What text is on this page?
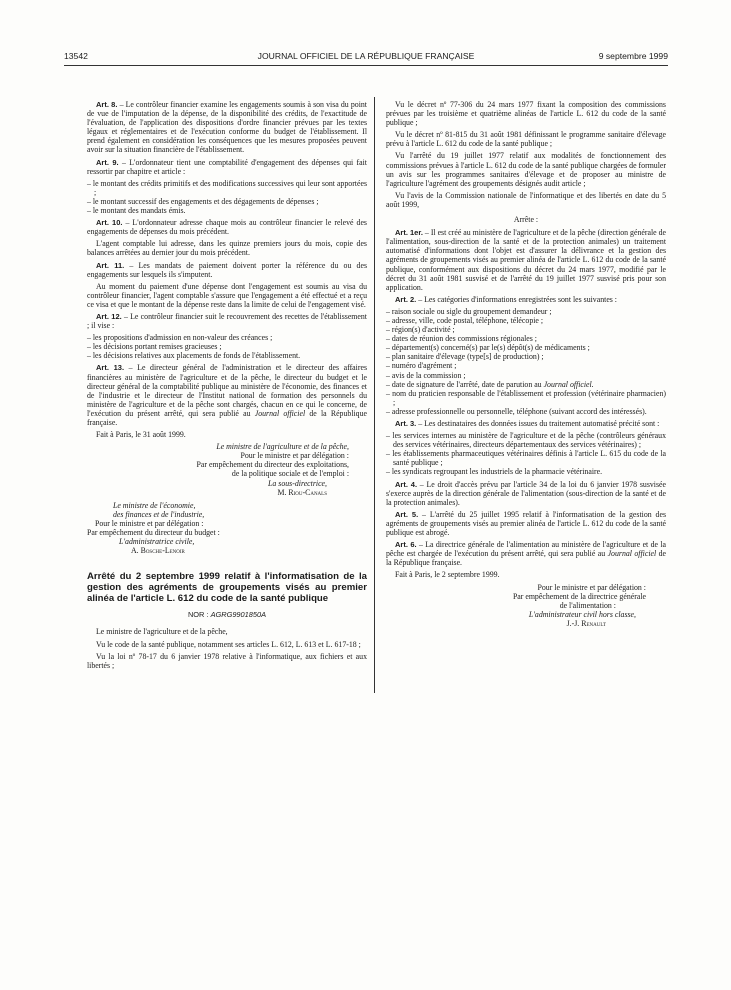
13542	JOURNAL OFFICIEL DE LA RÉPUBLIQUE FRANÇAISE	9 septembre 1999

Art. 8. – Le contrôleur financier examine les engagements soumis à son visa du point de vue de l'imputation de la dépense, de la disponibilité des crédits, de l'exactitude de l'évaluation, de l'application des dispositions d'ordre financier prévues par les textes légaux et réglementaires et de l'exécution conforme du budget de l'établissement. Il prend également en considération les conséquences que les mesures proposées peuvent avoir sur la situation financière de l'établissement.

Art. 9. – L'ordonnateur tient une comptabilité d'engagement des dépenses qui fait ressortir par chapitre et article :

– le montant des crédits primitifs et des modifications successives qui leur sont apportées ;
– le montant successif des engagements et des dégagements de dépenses ;
– le montant des mandats émis.

Art. 10. – L'ordonnateur adresse chaque mois au contrôleur financier le relevé des engagements de dépenses du mois précédent.

L'agent comptable lui adresse, dans les quinze premiers jours du mois, copie des balances arrêtées au dernier jour du mois précédent.

Art. 11. – Les mandats de paiement doivent porter la référence du ou des engagements sur lesquels ils s'imputent.

Au moment du paiement d'une dépense dont l'engagement est soumis au visa du contrôleur financier, l'agent comptable s'assure que l'engagement a été effectué et a reçu ce visa et que le montant de la dépense reste dans la limite de celui de l'engagement visé.

Art. 12. – Le contrôleur financier suit le recouvrement des recettes de l'établissement ; il vise :

– les propositions d'admission en non-valeur des créances ;
– les décisions portant remises gracieuses ;
– les décisions relatives aux placements de fonds de l'établissement.

Art. 13. – Le directeur général de l'administration et le directeur des affaires financières au ministère de l'agriculture et de la pêche, le directeur du budget et le directeur général de la comptabilité publique au ministère de l'économie, des finances et de l'industrie et le directeur de l'Institut national de formation des personnels du ministère de l'agriculture et de la pêche sont chargés, chacun en ce qui le concerne, de l'exécution du présent arrêté, qui sera publié au Journal officiel de la République française.

Fait à Paris, le 31 août 1999.

Le ministre de l'agriculture et de la pêche,
Pour le ministre et par délégation :
Par empêchement du directeur des exploitations,
de la politique sociale et de l'emploi :
La sous-directrice,
M. Riou-Canals
Le ministre de l'économie,
des finances et de l'industrie,
Pour le ministre et par délégation :
Par empêchement du directeur du budget :
L'administratrice civile,
A. Bosche-Lenoir
Arrêté du 2 septembre 1999 relatif à l'informatisation de la gestion des agréments de groupements visés au premier alinéa de l'article L. 612 du code de la santé publique
NOR : AGRG9901850A

Le ministre de l'agriculture et de la pêche,

Vu le code de la santé publique, notamment ses articles L. 612, L. 613 et L. 617-18 ;

Vu la loi nº 78-17 du 6 janvier 1978 relative à l'informatique, aux fichiers et aux libertés ;

Vu le décret nº 77-306 du 24 mars 1977 fixant la composition des commissions prévues par les troisième et quatrième alinéas de l'article L. 612 du code de la santé publique ;

Vu le décret nº 81-815 du 31 août 1981 définissant le programme sanitaire d'élevage prévu à l'article L. 612 du code de la santé publique ;

Vu l'arrêté du 19 juillet 1977 relatif aux modalités de fonctionnement des commissions prévues à l'article L. 612 du code de la santé publique chargées de formuler un avis sur les programmes sanitaires d'élevage et de proposer au ministre de l'agriculture l'agrément des groupements désignés audit article ;

Vu l'avis de la Commission nationale de l'informatique et des libertés en date du 5 août 1999,

Arrête :

Art. 1er. – Il est créé au ministère de l'agriculture et de la pêche (direction générale de l'alimentation, sous-direction de la santé et de la protection animales) un traitement automatisé d'informations dont l'objet est d'assurer la délivrance et la gestion des agréments de groupements visés au premier alinéa de l'article L. 612 du code de la santé publique, conformément aux dispositions du décret du 24 mars 1977, modifié par le décret du 31 août 1981 susvisé et de l'arrêté du 19 juillet 1977 susvisé pris pour son application.

Art. 2. – Les catégories d'informations enregistrées sont les suivantes :

– raison sociale ou sigle du groupement demandeur ;
– adresse, ville, code postal, téléphone, télécopie ;
– région(s) d'activité ;
– dates de réunion des commissions régionales ;
– département(s) concerné(s) par le(s) dépôt(s) de médicaments ;
– plan sanitaire d'élevage (type[s] de production) ;
– numéro d'agrément ;
– avis de la commission ;
– date de signature de l'arrêté, date de parution au Journal officiel.
– nom du praticien responsable de l'établissement et profession (vétérinaire pharmacien) ;
– adresse professionnelle ou personnelle, téléphone (suivant accord des intéressés).

Art. 3. – Les destinataires des données issues du traitement automatisé précité sont :

– les services internes au ministère de l'agriculture et de la pêche (contrôleurs généraux des services vétérinaires, directeurs départementaux des services vétérinaires) ;
– les établissements pharmaceutiques vétérinaires définis à l'article L. 615 du code de la santé publique ;
– les syndicats regroupant les industriels de la pharmacie vétérinaire.

Art. 4. – Le droit d'accès prévu par l'article 34 de la loi du 6 janvier 1978 susvisée s'exerce auprès de la direction générale de l'alimentation (sous-direction de la santé et de la protection animales).

Art. 5. – L'arrêté du 25 juillet 1995 relatif à l'informatisation de la gestion des agréments de groupements visés au premier alinéa de l'article L. 612 du code de la santé publique est abrogé.

Art. 6. – La directrice générale de l'alimentation au ministère de l'agriculture et de la pêche est chargée de l'exécution du présent arrêté, qui sera publié au Journal officiel de la République française.

Fait à Paris, le 2 septembre 1999.

Pour le ministre et par délégation :
Par empêchement de la directrice générale
de l'alimentation :
L'administrateur civil hors classe,
J.-J. Renault
